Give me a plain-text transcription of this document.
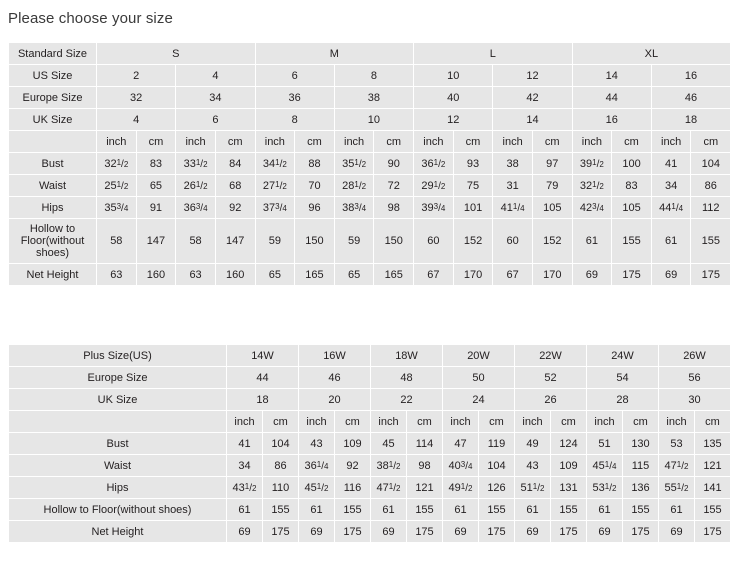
Please choose your size
Standard Size	S				M				L				XL			
US Size	2		4		6		8		10		12		14		16	
Europe Size	32		34		36		38		40		42		44		46	
UK Size	4		6		8		10		12		14		16		18	
	inch	cm	inch	cm	inch	cm	inch	cm	inch	cm	inch	cm	inch	cm	inch	cm
Bust	$32^1/2$	83	$33^1/2$	84	$34^1/2$	88	$35^1/2$	90	$36^1/2$	93	38	97	$39^1/2$	100	41	104
Waist	$25^1/2$	65	$26^1/2$	68	$27^1/2$	70	$28^1/2$	72	$29^1/2$	75	31	79	$32^1/2$	83	34	86
Hips	$35^3/4$	91	$36^3/4$	92	$37^3/4$	96	$38^3/4$	98	$39^3/4$	101	$41^1/4$	105	$42^3/4$	105	$44^1/4$	112
Hollow to Floor(without shoes)	58	147	58	147	59	150	59	150	60	152	60	152	61	155	61	155
Net Height	63	160	63	160	65	165	65	165	67	170	67	170	69	175	69	175
Plus Size(US)	14W		16W		18W		20W		22W		24W		26W	
Europe Size	44		46		48		50		52		54		56	
UK Size	18		20		22		24		26		28		30	
	inch	cm	inch	cm	inch	cm	inch	cm	inch	cm	inch	cm	inch	cm
Bust	41	104	43	109	45	114	47	119	49	124	51	130	53	135
Waist	34	86	$36^1/4$	92	$38^1/2$	98	$40^3/4$	104	43	109	$45^1/4$	115	$47^1/2$	121
Hips	$43^1/2$	110	$45^1/2$	116	$47^1/2$	121	$49^1/2$	126	$51^1/2$	131	$53^1/2$	136	$55^1/2$	141
Hollow to Floor(without shoes)	61	155	61	155	61	155	61	155	61	155	61	155	61	155
Net Height	69	175	69	175	69	175	69	175	69	175	69	175	69	175
